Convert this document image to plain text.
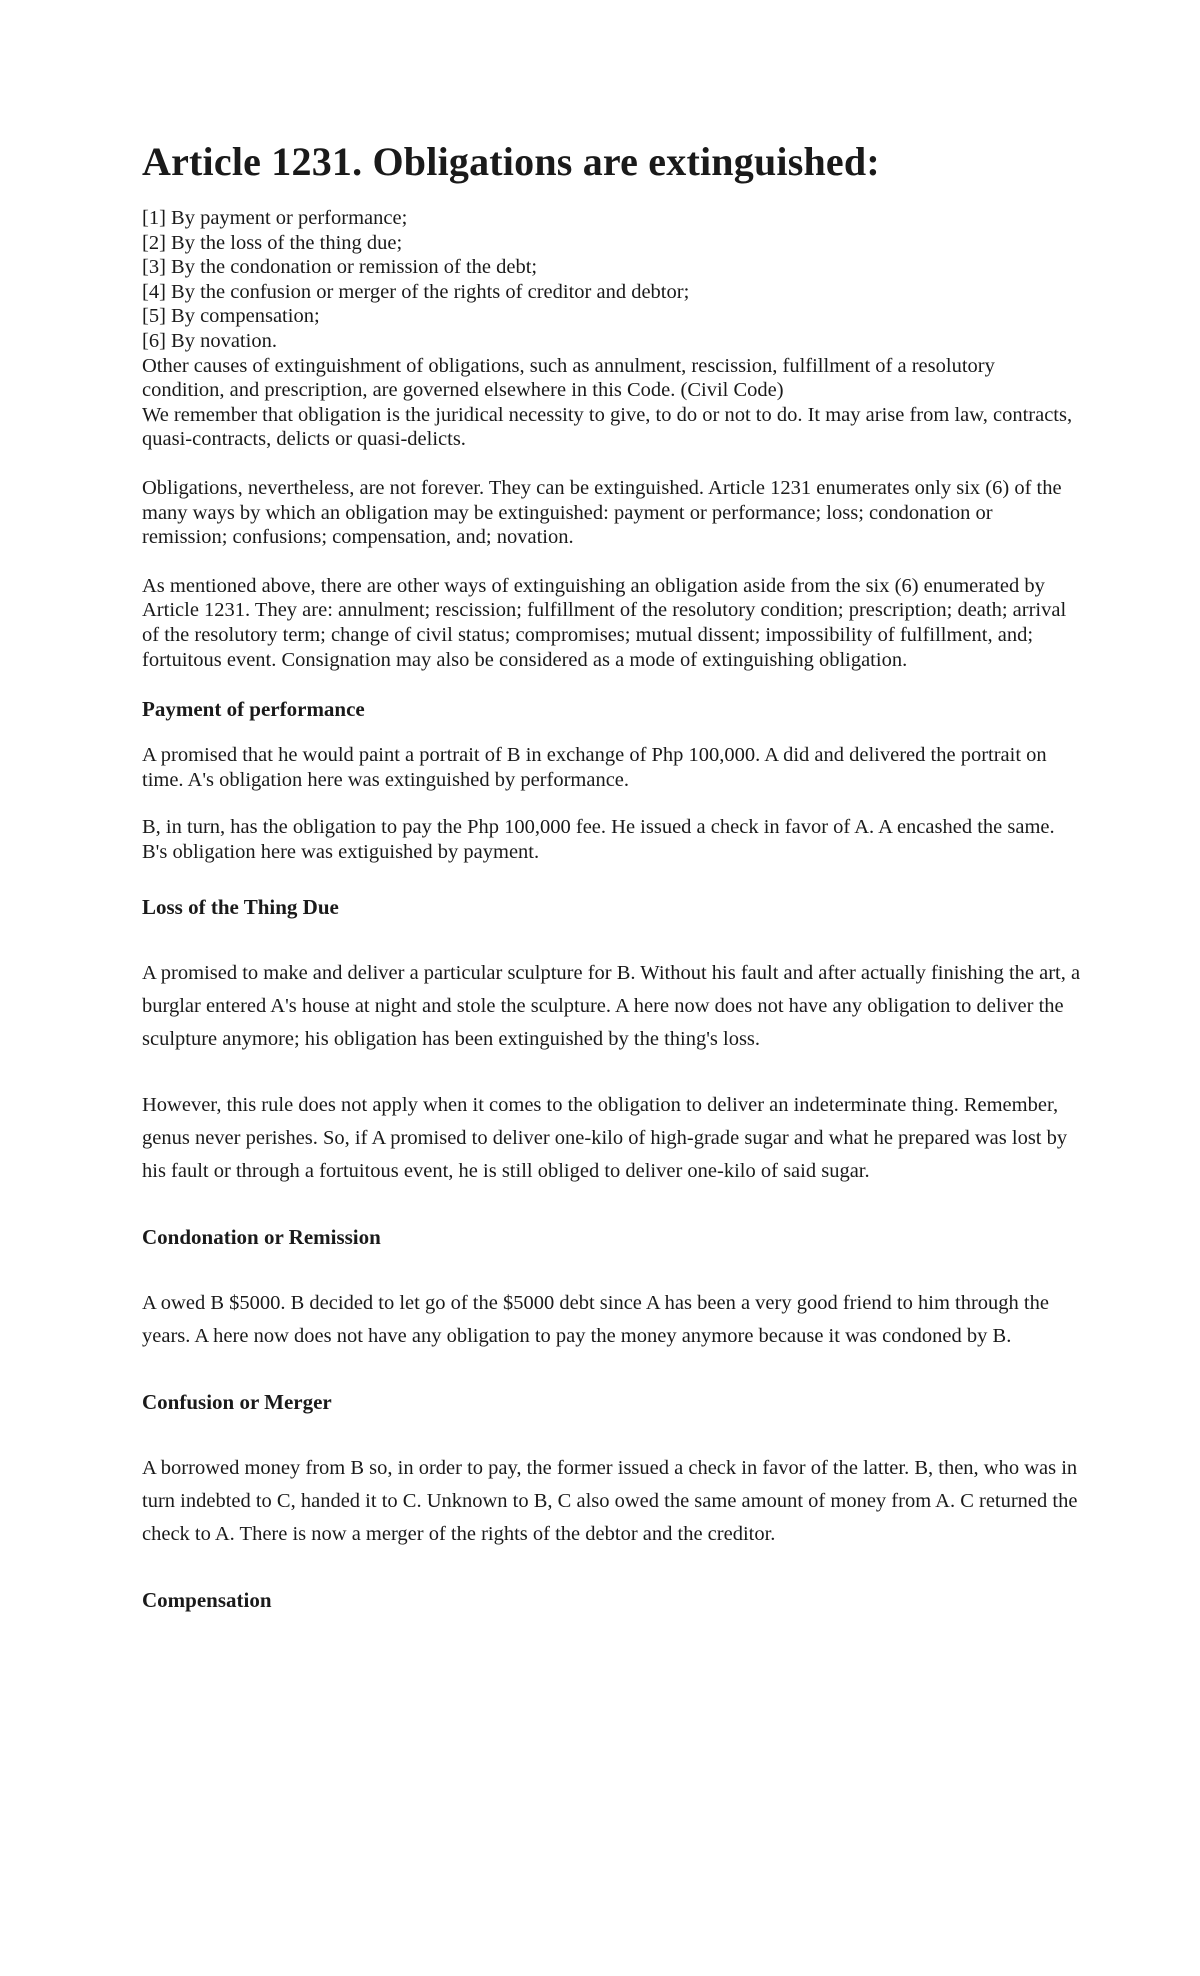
Article 1231. Obligations are extinguished:

[1] By payment or performance;

[2] By the loss of the thing due;

[3] By the condonation or remission of the debt;

[4] By the confusion or merger of the rights of creditor and debtor;

[5] By compensation;

[6] By novation.

Other causes of extinguishment of obligations, such as annulment, rescission, fulfillment of a resolutory condition, and prescription, are governed elsewhere in this Code. (Civil Code)

We remember that obligation is the juridical necessity to give, to do or not to do. It may arise from law, contracts, quasi-contracts, delicts or quasi-delicts.

Obligations, nevertheless, are not forever. They can be extinguished. Article 1231 enumerates only six (6) of the many ways by which an obligation may be extinguished: payment or performance; loss; condonation or remission; confusions; compensation, and; novation.

As mentioned above, there are other ways of extinguishing an obligation aside from the six (6) enumerated by Article 1231. They are: annulment; rescission; fulfillment of the resolutory condition; prescription; death; arrival of the resolutory term; change of civil status; compromises; mutual dissent; impossibility of fulfillment, and; fortuitous event. Consignation may also be considered as a mode of extinguishing obligation.

Payment of performance

A promised that he would paint a portrait of B in exchange of Php 100,000. A did and delivered the portrait on time. A's obligation here was extinguished by performance.

B, in turn, has the obligation to pay the Php 100,000 fee. He issued a check in favor of A. A encashed the same. B's obligation here was extiguished by payment.

Loss of the Thing Due

A promised to make and deliver a particular sculpture for B. Without his fault and after actually finishing the art, a burglar entered A's house at night and stole the sculpture. A here now does not have any obligation to deliver the sculpture anymore; his obligation has been extinguished by the thing's loss.

However, this rule does not apply when it comes to the obligation to deliver an indeterminate thing. Remember, genus never perishes. So, if A promised to deliver one-kilo of high-grade sugar and what he prepared was lost by his fault or through a fortuitous event, he is still obliged to deliver one-kilo of said sugar.

Condonation or Remission

A owed B $5000. B decided to let go of the $5000 debt since A has been a very good friend to him through the years. A here now does not have any obligation to pay the money anymore because it was condoned by B.

Confusion or Merger

A borrowed money from B so, in order to pay, the former issued a check in favor of the latter. B, then, who was in turn indebted to C, handed it to C. Unknown to B, C also owed the same amount of money from A. C returned the check to A. There is now a merger of the rights of the debtor and the creditor.

Compensation
